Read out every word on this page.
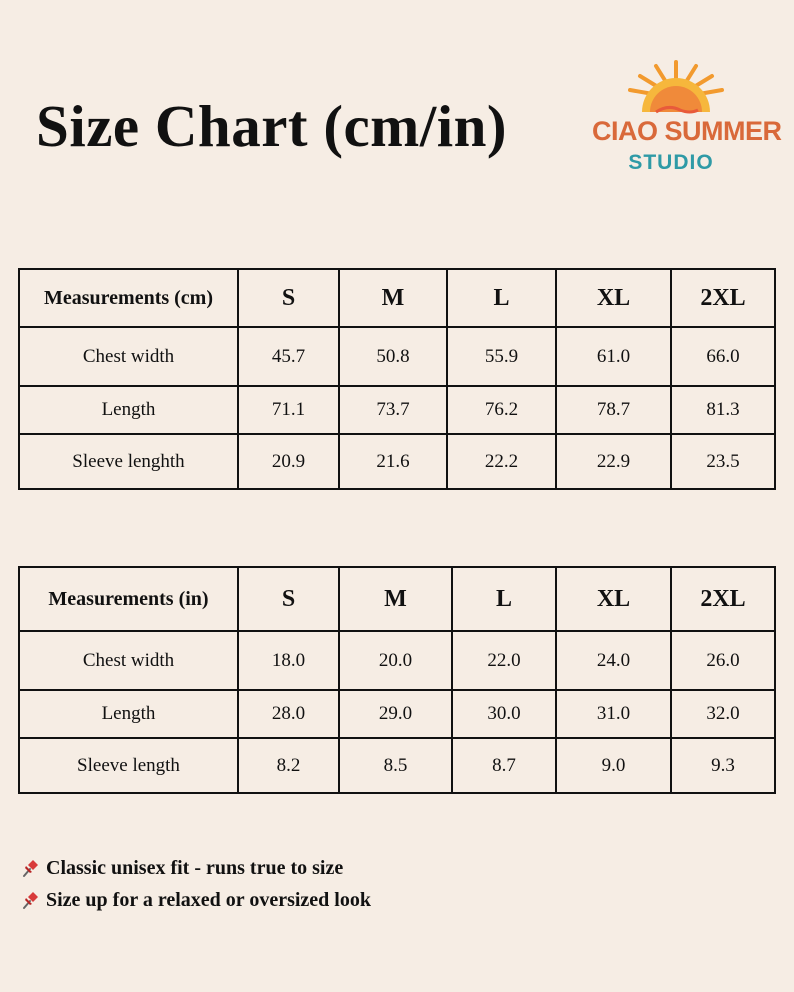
Size Chart (cm/in)	CIAO SUMMER
STUDIO
Measurements (cm)	S	M	L	XL	2XL
Chest width	45.7	50.8	55.9	61.0	66.0
Length	71.1	73.7	76.2	78.7	81.3
Sleeve lenghth	20.9	21.6	22.2	22.9	23.5
Measurements (in)	S	M	L	XL	2XL
Chest width	18.0	20.0	22.0	24.0	26.0
Length	28.0	29.0	30.0	31.0	32.0
Sleeve length	8.2	8.5	8.7	9.0	9.3
Classic unisex fit - runs true to size
Size up for a relaxed or oversized look
